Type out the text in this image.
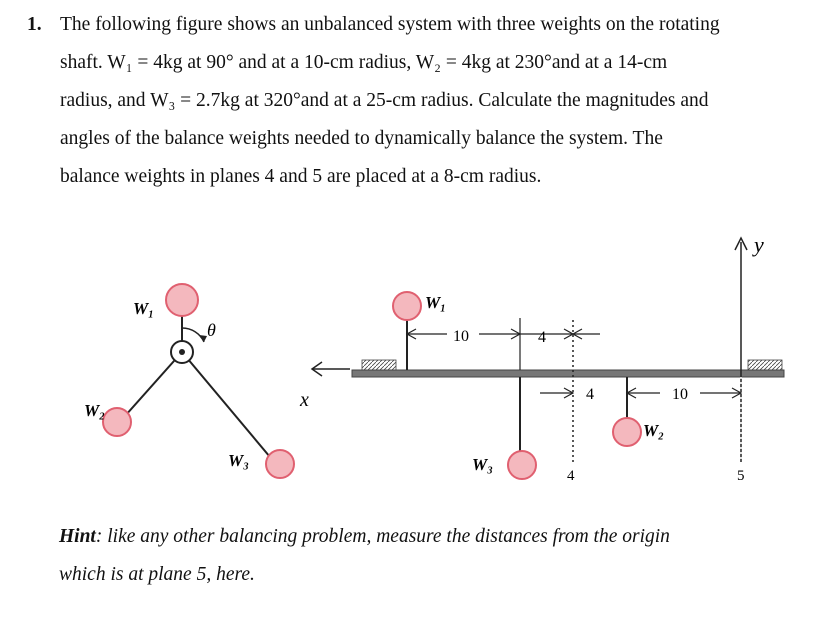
1. The following figure shows an unbalanced system with three weights on the rotating
shaft. W₁ = 4kg at 90° and at a 10-cm radius, W₂ = 4kg at 230°and at a 14-cm
radius, and W₃ = 2.7kg at 320°and at a 25-cm radius. Calculate the magnitudes and
angles of the balance weights needed to dynamically balance the system. The
balance weights in planes 4 and 5 are placed at a 8-cm radius.
θ
W₁
W₂
W₃
x
W₁
W₃
W₂
y
10	4
4	10
4	5
Hint: like any other balancing problem, measure the distances from the origin
which is at plane 5, here.
